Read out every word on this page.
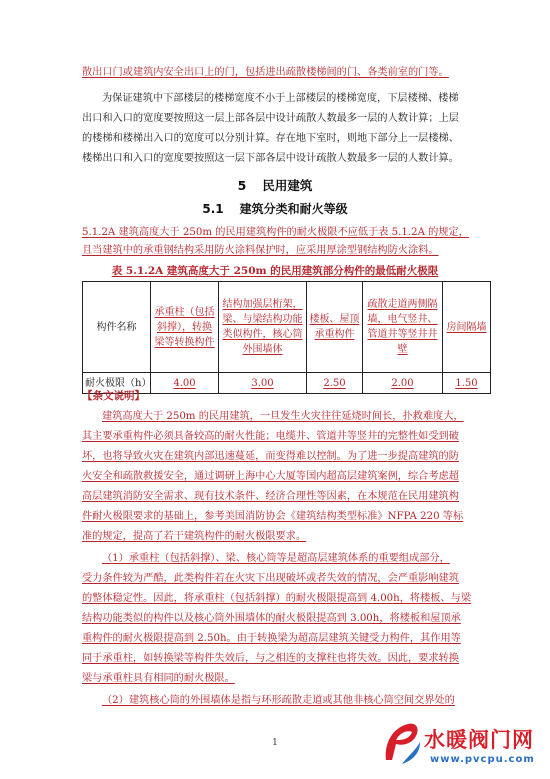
散出口门或建筑内安全出口上的门，包括进出疏散楼梯间的门、各类前室的门等。
为保证建筑中下部楼层的楼梯宽度不小于上部楼层的楼梯宽度，下层楼梯、楼梯
出口和入口的宽度要按照这一层上部各层中设计疏散人数最多一层的人数计算；上层
的楼梯和楼梯出入口的宽度可以分别计算。存在地下室时，则地下部分上一层楼梯、
楼梯出口和入口的宽度要按照这一层下部各层中设计疏散人数最多一层的人数计算。
5 民用建筑
5.1 建筑分类和耐火等级
5.1.2A 建筑高度大于 250m 的民用建筑构件的耐火极限不应低于表 5.1.2A 的规定，
且当建筑中的承重钢结构采用防火涂料保护时，应采用厚涂型钢结构防火涂料。
表 5.1.2A 建筑高度大于 250m 的民用建筑部分构件的最低耐火极限
构件名称	承重柱（包括斜撑），转换梁等转换构件	结构加强层桁架，梁、与梁结构功能类似构件，核心筒外围墙体	楼板、屋顶承重构件	疏散走道两侧隔墙，电气竖井、管道井等竖井井壁	房间隔墙
耐火极限（h）	4.00	3.00	2.50	2.00	1.50
【条文说明】
建筑高度大于 250m 的民用建筑，一旦发生火灾往往延烧时间长，扑救难度大，
其主要承重构件必须具备较高的耐火性能；电缆井、管道井等竖井的完整性如受到破
坏，也将导致火灾在建筑内部迅速蔓延，而变得难以控制。为了进一步提高建筑的防
火安全和疏散救援安全，通过调研上海中心大厦等国内超高层建筑案例，综合考虑超
高层建筑消防安全需求、现有技术条件、经济合理性等因素，在本规范在民用建筑构
件耐火极限要求的基础上，参考美国消防协会《建筑结构类型标准》NFPA 220 等标
准的规定，提高了若干建筑构件的耐火极限要求。
（1）承重柱（包括斜撑）、梁、核心筒等是超高层建筑体系的重要组成部分，
受力条件较为严酷，此类构件若在火灾下出现破坏或者失效的情况，会严重影响建筑
的整体稳定性。因此，将承重柱（包括斜撑）的耐火极限提高到 4.00h，将楼板、与梁
结构功能类似的构件以及核心筒外围墙体的耐火极限提高到 3.00h，将楼板和屋顶承
重构件的耐火极限提高到 2.50h。由于转换梁为超高层建筑关键受力构件，其作用等
同于承重柱，如转换梁等构件失效后，与之相连的支撑柱也将失效。因此，要求转换
梁与承重柱具有相同的耐火极限。
（2）建筑核心筒的外围墙体是指与环形疏散走道或其他非核心筒空间交界处的
1	水暖阀门网
www.pvcpu.com
